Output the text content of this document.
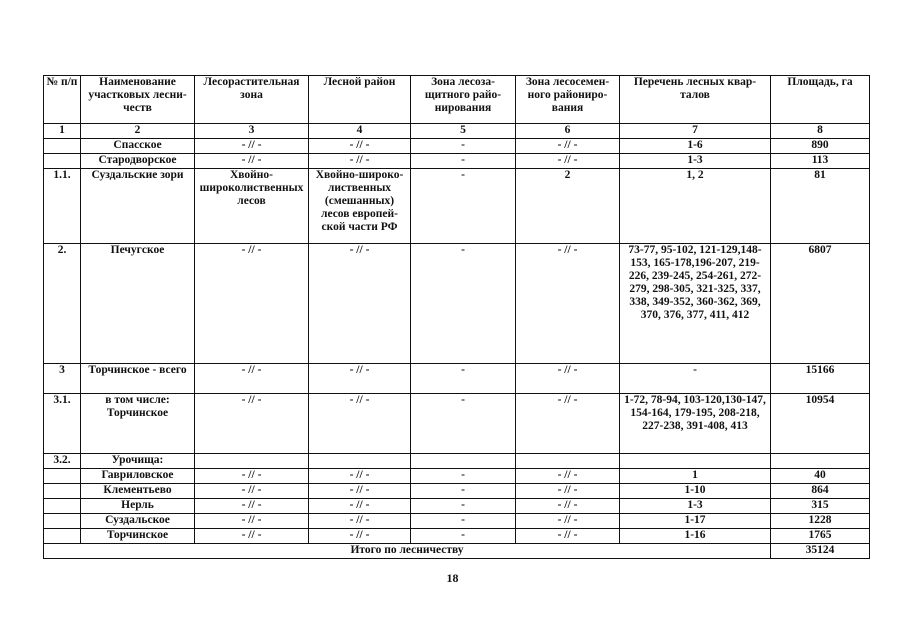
№ п/п	Наименование участковых лесни-честв	Лесорастительная зона	Лесной район	Зона лесоза-щитного райо-нирования	Зона лесосемен-ного райониро-вания	Перечень лесных квар-талов	Площадь, га
1	2	3	4	5	6	7	8
	Спасское	- // -	- // -	-	- // -	1-6	890
	Стародворское	- // -	- // -	-	- // -	1-3	113
1.1.	Суздальские зори	Хвойно-широколиственных лесов	Хвойно-широко-лиственных (смешанных) лесов европей-ской части РФ	-	2	1, 2	81
2.	Печугское	- // -	- // -	-	- // -	73-77, 95-102, 121-129,148-153, 165-178,196-207, 219-226, 239-245, 254-261, 272-279, 298-305, 321-325, 337, 338, 349-352, 360-362, 369, 370, 376, 377, 411, 412	6807
3	Торчинское - всего	- // -	- // -	-	- // -	-	15166
3.1.	в том числе: Торчинское	- // -	- // -	-	- // -	1-72, 78-94, 103-120,130-147, 154-164, 179-195, 208-218, 227-238, 391-408, 413	10954
3.2.	Урочища:						
	Гавриловское	- // -	- // -	-	- // -	1	40
	Клементьево	- // -	- // -	-	- // -	1-10	864
	Нерль	- // -	- // -	-	- // -	1-3	315
	Суздальское	- // -	- // -	-	- // -	1-17	1228
	Торчинское	- // -	- // -	-	- // -	1-16	1765
Итого по лесничеству							35124
18
